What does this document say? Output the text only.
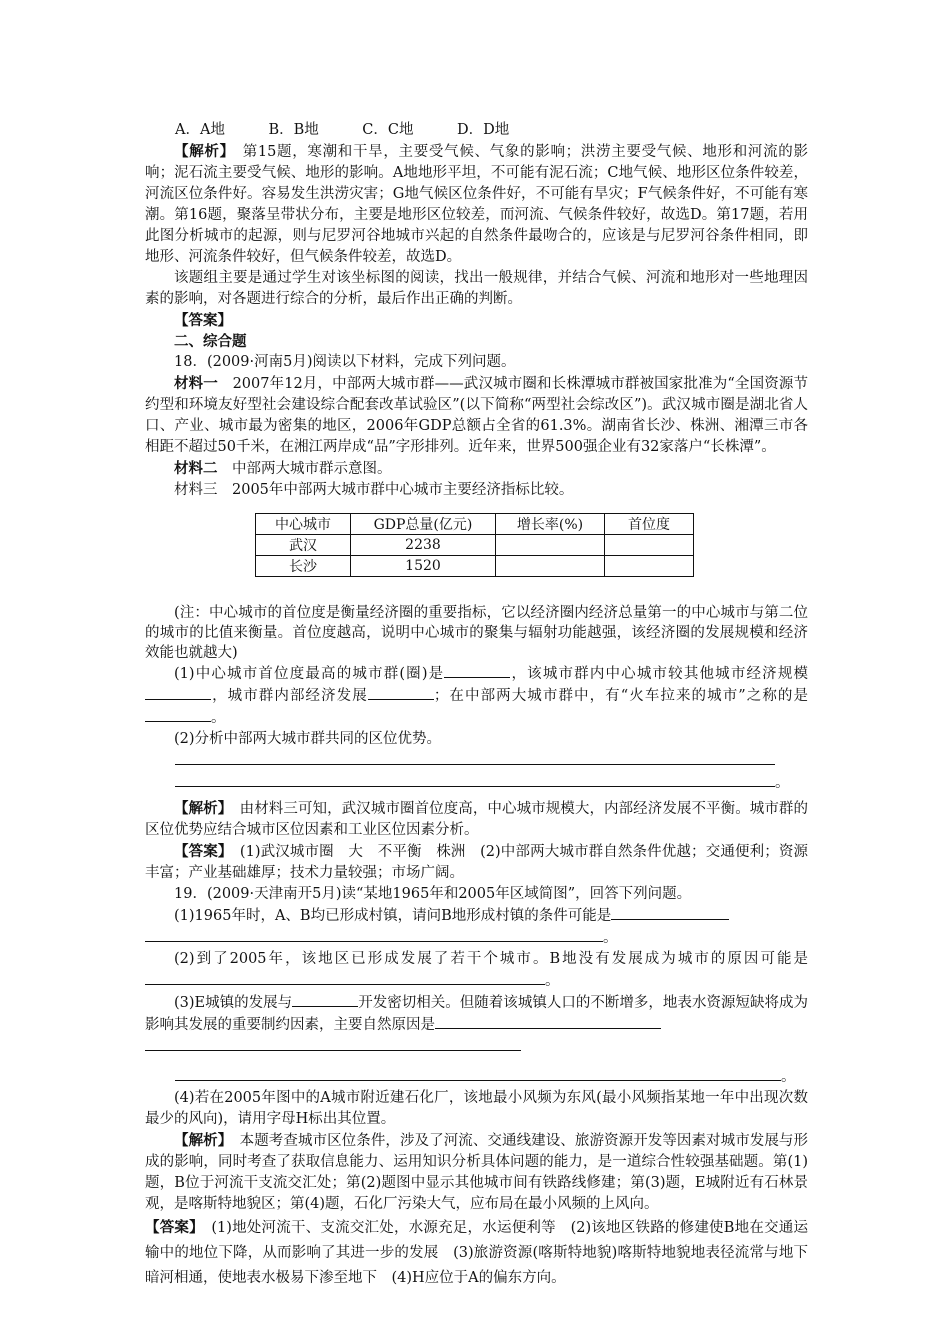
A．A地　　　B．B地　　　C．C地　　　D．D地

【解析】　第15题，寒潮和干旱，主要受气候、气象的影响；洪涝主要受气候、地形和河流的影响；泥石流主要受气候、地形的影响。A地地形平坦，不可能有泥石流；C地气候、地形区位条件较差，河流区位条件好。容易发生洪涝灾害；G地气候区位条件好，不可能有旱灾；F气候条件好，不可能有寒潮。第16题，聚落呈带状分布，主要是地形区位较差，而河流、气候条件较好，故选D。第17题，若用此图分析城市的起源，则与尼罗河谷地城市兴起的自然条件最吻合的，应该是与尼罗河谷条件相同，即地形、河流条件较好，但气候条件较差，故选D。

该题组主要是通过学生对该坐标图的阅读，找出一般规律，并结合气候、河流和地形对一些地理因素的影响，对各题进行综合的分析，最后作出正确的判断。

【答案】

二、综合题

18．(2009·河南5月)阅读以下材料，完成下列问题。

材料一　2007年12月，中部两大城市群——武汉城市圈和长株潭城市群被国家批准为“全国资源节约型和环境友好型社会建设综合配套改革试验区”(以下简称“两型社会综改区”)。武汉城市圈是湖北省人口、产业、城市最为密集的地区，2006年GDP总额占全省的61.3%。湖南省长沙、株洲、湘潭三市各相距不超过50千米，在湘江两岸成“品”字形排列。近年来，世界500强企业有32家落户“长株潭”。

材料二　中部两大城市群示意图。

材料三　2005年中部两大城市群中心城市主要经济指标比较。

中心城市	GDP总量(亿元)	增长率(%)	首位度
武汉	2238		
长沙	1520		

(注：中心城市的首位度是衡量经济圈的重要指标，它以经济圈内经济总量第一的中心城市与第二位的城市的比值来衡量。首位度越高，说明中心城市的聚集与辐射功能越强，该经济圈的发展规模和经济效能也就越大)

(1)中心城市首位度最高的城市群(圈)是	，该城市群内中心城市较其他城市经济规模，城市群内部经济发展	；在中部两大城市群中，有“火车拉来的城市”之称的是。

(2)分析中部两大城市群共同的区位优势。

。

【解析】　由材料三可知，武汉城市圈首位度高，中心城市规模大，内部经济发展不平衡。城市群的区位优势应结合城市区位因素和工业区位因素分析。

【答案】　(1)武汉城市圈　大　不平衡　株洲　(2)中部两大城市群自然条件优越；交通便利；资源丰富；产业基础雄厚；技术力量较强；市场广阔。

19．(2009·天津南开5月)读“某地1965年和2005年区域简图”，回答下列问题。

(1)1965年时，A、B均已形成村镇，请问B地形成村镇的条件可能是

。

(2)到了2005年，该地区已形成发展了若干个城市。B地没有发展成为城市的原因可能是。

(3)E城镇的发展与	开发密切相关。但随着该城镇人口的不断增多，地表水资源短缺将成为影响其发展的重要制约因素，主要自然原因是

。

(4)若在2005年图中的A城市附近建石化厂，该地最小风频为东风(最小风频指某地一年中出现次数最少的风向)，请用字母H标出其位置。

【解析】　本题考查城市区位条件，涉及了河流、交通线建设、旅游资源开发等因素对城市发展与形成的影响，同时考查了获取信息能力、运用知识分析具体问题的能力，是一道综合性较强基础题。第(1)题，B位于河流干支流交汇处；第(2)题图中显示其他城市间有铁路线修建；第(3)题，E城附近有石林景观，是喀斯特地貌区；第(4)题，石化厂污染大气，应布局在最小风频的上风向。

【答案】　(1)地处河流干、支流交汇处，水源充足，水运便利等　(2)该地区铁路的修建使B地在交通运输中的地位下降，从而影响了其进一步的发展　(3)旅游资源(喀斯特地貌)喀斯特地貌地表径流常与地下暗河相通，使地表水极易下渗至地下　(4)H应位于A的偏东方向。
